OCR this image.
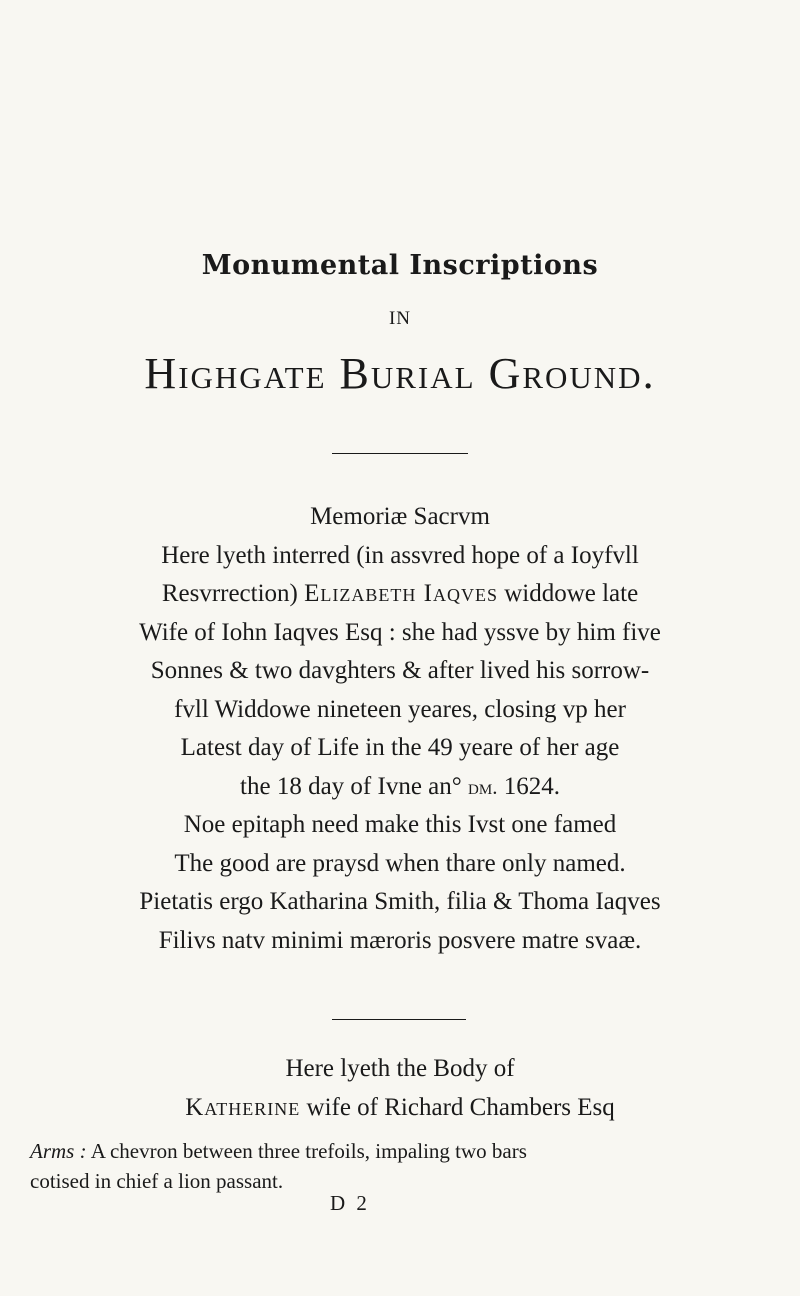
Monumental Inscriptions
IN
Highgate Burial Ground.
Memoriæ Sacrvm
Here lyeth interred (in assvred hope of a Ioyfvll
Resvrrection) Elizabeth Iaqves widdowe late
Wife of Iohn Iaqves Esq : she had yssve by him five
Sonnes & two davghters & after lived his sorrow-
fvll Widdowe nineteen yeares, closing vp her
Latest day of Life in the 49 yeare of her age
the 18 day of Ivne an° dm. 1624.
Noe epitaph need make this Ivst one famed
The good are praysd when thare only named.
Pietatis ergo Katharina Smith, filia & Thoma Iaqves
Filivs natv minimi mæroris posvere matre svaæ.
Here lyeth the Body of
Katherine wife of Richard Chambers Esq
Arms : A chevron between three trefoils, impaling two bars
cotised in chief a lion passant.
D 2
